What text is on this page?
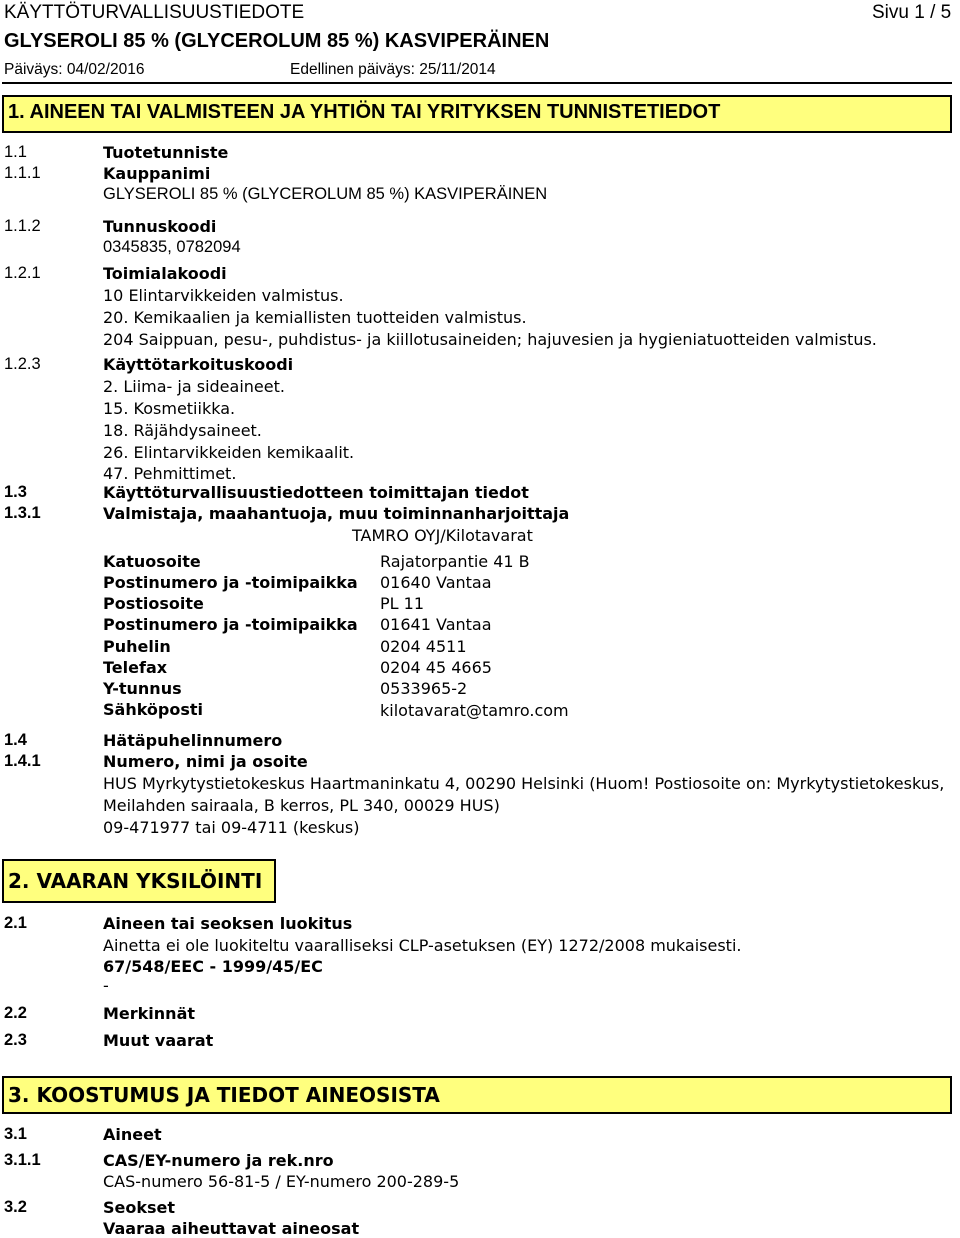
KÄYTTÖTURVALLISUUSTIEDOTE	Sivu 1 / 5
GLYSEROLI 85 % (GLYCEROLUM 85 %) KASVIPERÄINEN
Päiväys: 04/02/2016	Edellinen päiväys: 25/11/2014
1. AINEEN TAI VALMISTEEN JA YHTIÖN TAI YRITYKSEN TUNNISTETIEDOT
1.1	Tuotetunniste
1.1.1	Kauppanimi
GLYSEROLI 85 % (GLYCEROLUM 85 %) KASVIPERÄINEN
1.1.2	Tunnuskoodi
0345835, 0782094
1.2.1	Toimialakoodi
10 Elintarvikkeiden valmistus.
20. Kemikaalien ja kemiallisten tuotteiden valmistus.
204 Saippuan, pesu-, puhdistus- ja kiillotusaineiden; hajuvesien ja hygieniatuotteiden valmistus.
1.2.3	Käyttötarkoituskoodi
2. Liima- ja sideaineet.
15. Kosmetiikka.
18. Räjähdysaineet.
26. Elintarvikkeiden kemikaalit.
47. Pehmittimet.
1.3	Käyttöturvallisuustiedotteen toimittajan tiedot
1.3.1	Valmistaja, maahantuoja, muu toiminnanharjoittaja
TAMRO OYJ/Kilotavarat
Katuosoite	Rajatorpantie 41 B
Postinumero ja -toimipaikka 01640 Vantaa
Postiosoite	PL 11
Postinumero ja -toimipaikka 01641 Vantaa
Puhelin	0204 4511
Telefax	0204 45 4665
Y-tunnus	0533965-2
Sähköposti	kilotavarat@tamro.com
1.4	Hätäpuhelinnumero
1.4.1	Numero, nimi ja osoite
HUS Myrkytystietokeskus Haartmaninkatu 4, 00290 Helsinki (Huom! Postiosoite on: Myrkytystietokeskus,
Meilahden sairaala, B kerros, PL 340, 00029 HUS)
09-471977 tai 09-4711 (keskus)
2. VAARAN YKSILÖINTI
2.1	Aineen tai seoksen luokitus
Ainetta ei ole luokiteltu vaaralliseksi CLP-asetuksen (EY) 1272/2008 mukaisesti.
67/548/EEC - 1999/45/EC
-
2.2	Merkinnät
2.3	Muut vaarat
3. KOOSTUMUS JA TIEDOT AINEOSISTA
3.1	Aineet
3.1.1	CAS/EY-numero ja rek.nro
CAS-numero 56-81-5 / EY-numero 200-289-5
3.2	Seokset
Vaaraa aiheuttavat aineosat
